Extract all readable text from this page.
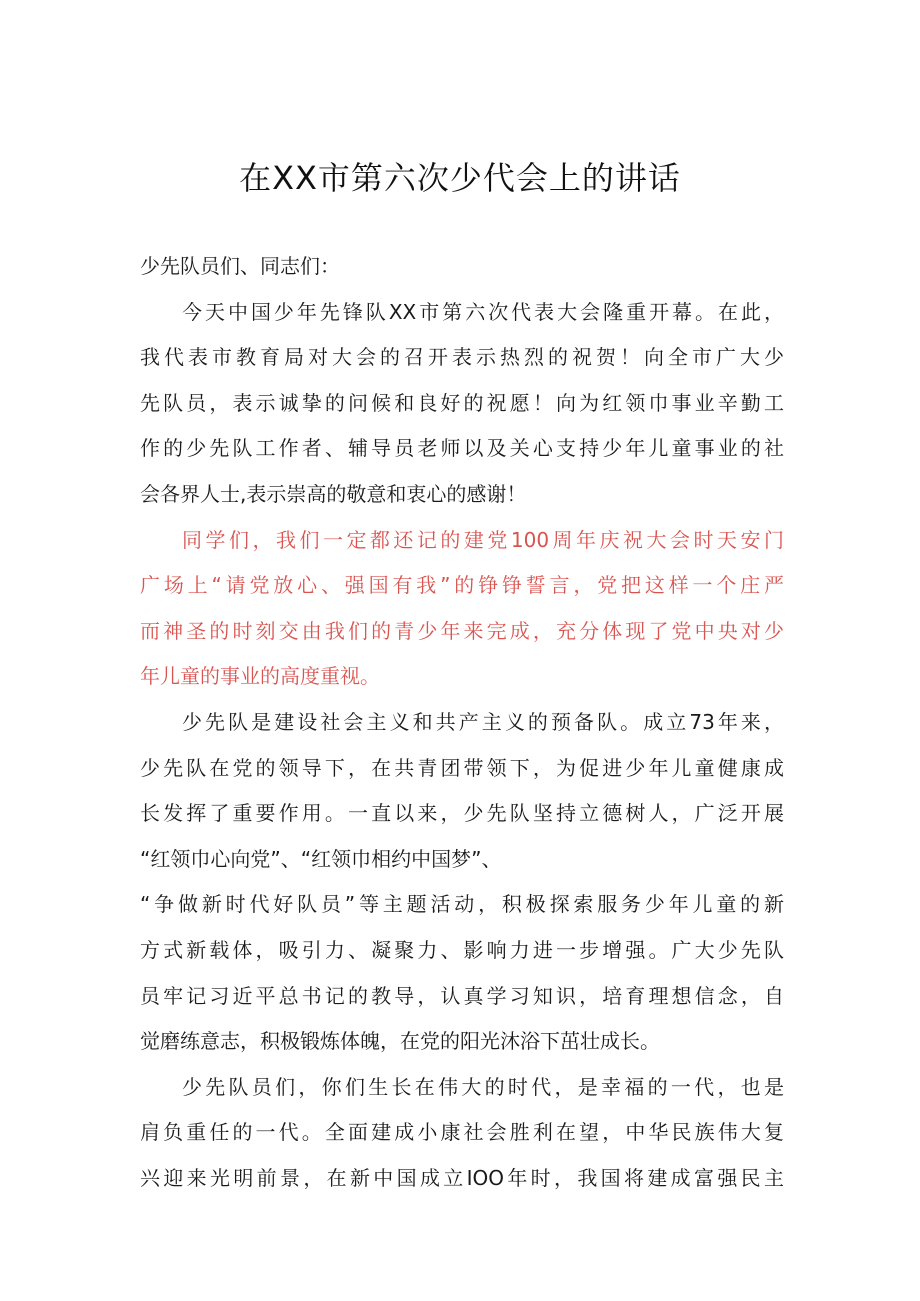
在XX市第六次少代会上的讲话
少先队员们、同志们：
今天中国少年先锋队XX市第六次代表大会隆重开幕。在此，
我代表市教育局对大会的召开表示热烈的祝贺！向全市广大少
先队员，表示诚挚的问候和良好的祝愿！向为红领巾事业辛勤工
作的少先队工作者、辅导员老师以及关心支持少年儿童事业的社
会各界人士,表示崇高的敬意和衷心的感谢！
同学们，我们一定都还记的建党100周年庆祝大会时天安门
广场上“请党放心、强国有我”的铮铮誓言，党把这样一个庄严
而神圣的时刻交由我们的青少年来完成，充分体现了党中央对少
年儿童的事业的高度重视。
少先队是建设社会主义和共产主义的预备队。成立73年来，
少先队在党的领导下，在共青团带领下，为促进少年儿童健康成
长发挥了重要作用。一直以来，少先队坚持立德树人，广泛开展
“红领巾心向党”、“红领巾相约中国梦”、
“争做新时代好队员”等主题活动，积极探索服务少年儿童的新
方式新载体，吸引力、凝聚力、影响力进一步增强。广大少先队
员牢记习近平总书记的教导，认真学习知识，培育理想信念，自
觉磨练意志，积极锻炼体魄，在党的阳光沐浴下茁壮成长。
少先队员们，你们生长在伟大的时代，是幸福的一代，也是
肩负重任的一代。全面建成小康社会胜利在望，中华民族伟大复
兴迎来光明前景，在新中国成立IOO年时，我国将建成富强民主
